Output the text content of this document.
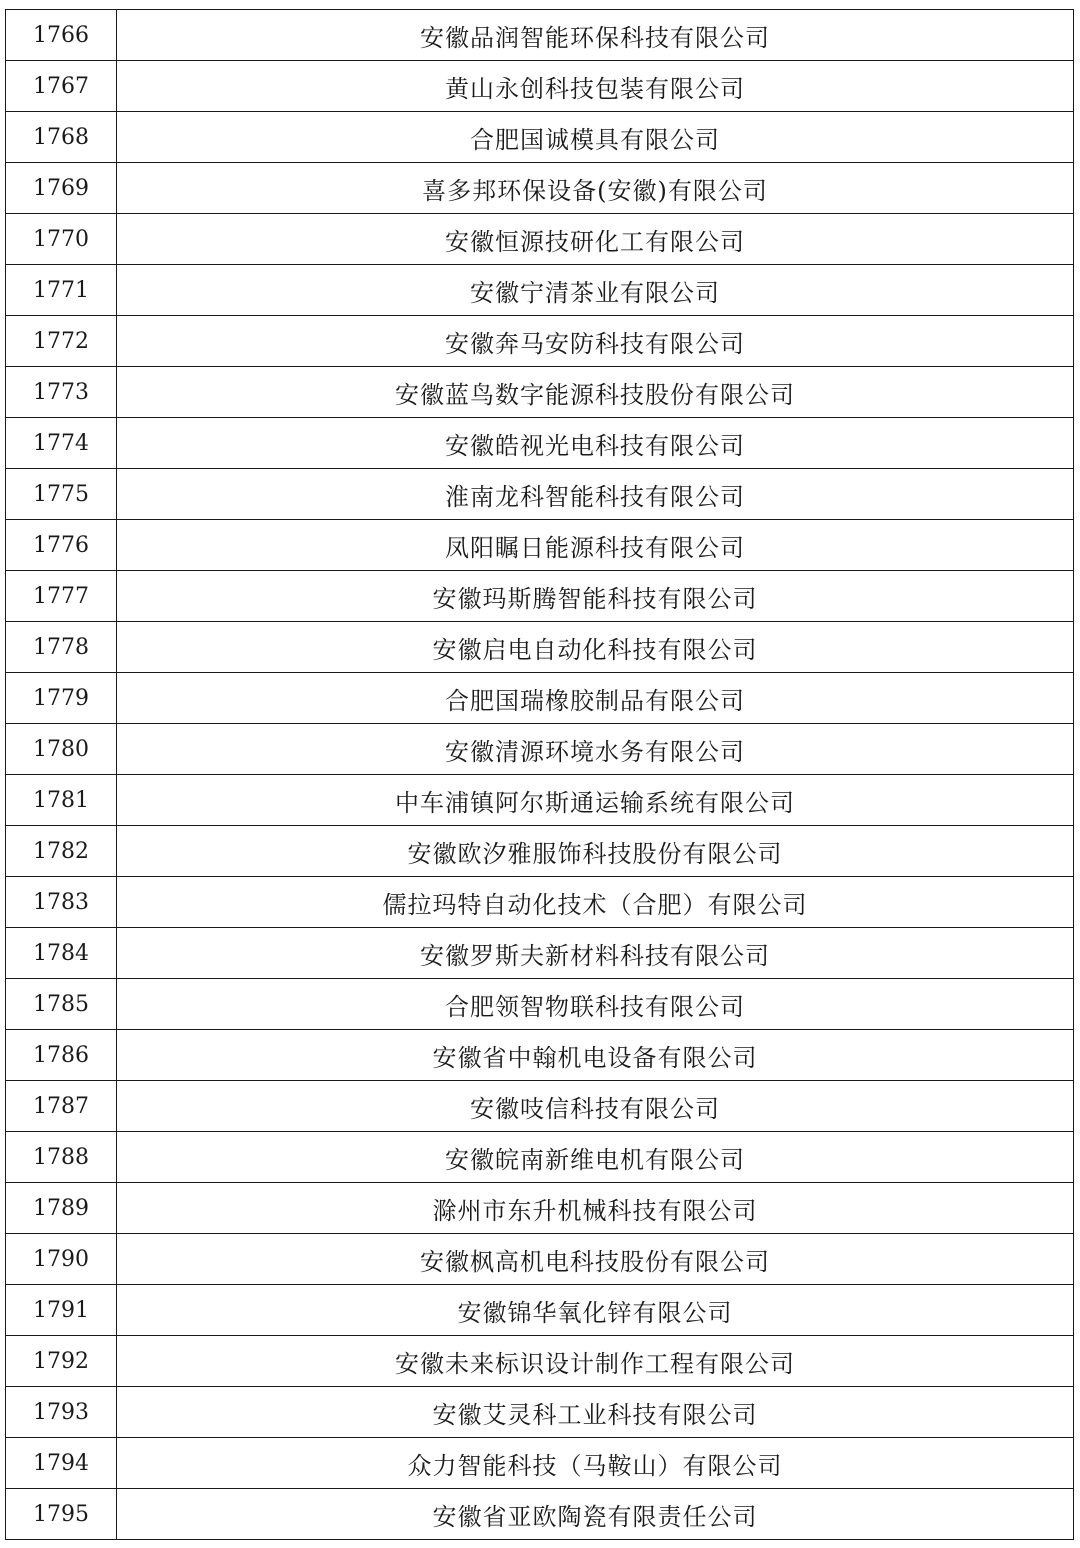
1766	安徽品润智能环保科技有限公司
1767	黄山永创科技包装有限公司
1768	合肥国诚模具有限公司
1769	喜多邦环保设备(安徽)有限公司
1770	安徽恒源技研化工有限公司
1771	安徽宁清茶业有限公司
1772	安徽奔马安防科技有限公司
1773	安徽蓝鸟数字能源科技股份有限公司
1774	安徽皓视光电科技有限公司
1775	淮南龙科智能科技有限公司
1776	凤阳瞩日能源科技有限公司
1777	安徽玛斯腾智能科技有限公司
1778	安徽启电自动化科技有限公司
1779	合肥国瑞橡胶制品有限公司
1780	安徽清源环境水务有限公司
1781	中车浦镇阿尔斯通运输系统有限公司
1782	安徽欧汐雅服饰科技股份有限公司
1783	儒拉玛特自动化技术（合肥）有限公司
1784	安徽罗斯夫新材料科技有限公司
1785	合肥领智物联科技有限公司
1786	安徽省中翰机电设备有限公司
1787	安徽吱信科技有限公司
1788	安徽皖南新维电机有限公司
1789	滁州市东升机械科技有限公司
1790	安徽枫高机电科技股份有限公司
1791	安徽锦华氧化锌有限公司
1792	安徽未来标识设计制作工程有限公司
1793	安徽艾灵科工业科技有限公司
1794	众力智能科技（马鞍山）有限公司
1795	安徽省亚欧陶瓷有限责任公司
